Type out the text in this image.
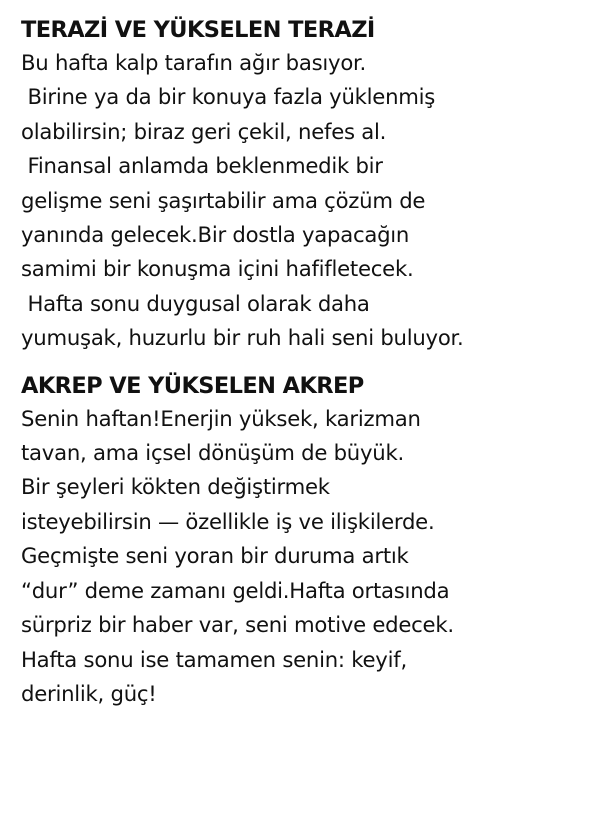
TERAZİ VE YÜKSELEN TERAZİ

Bu hafta kalp tarafın ağır basıyor.

Birine ya da bir konuya fazla yüklenmiş

olabilirsin; biraz geri çekil, nefes al.

Finansal anlamda beklenmedik bir

gelişme seni şaşırtabilir ama çözüm de

yanında gelecek.Bir dostla yapacağın

samimi bir konuşma içini hafifletecek.

Hafta sonu duygusal olarak daha

yumuşak, huzurlu bir ruh hali seni buluyor.

AKREP VE YÜKSELEN AKREP

Senin haftan!Enerjin yüksek, karizman

tavan, ama içsel dönüşüm de büyük.

Bir şeyleri kökten değiştirmek

isteyebilirsin — özellikle iş ve ilişkilerde.

Geçmişte seni yoran bir duruma artık

“dur” deme zamanı geldi.Hafta ortasında

sürpriz bir haber var, seni motive edecek.

Hafta sonu ise tamamen senin: keyif,

derinlik, güç!
